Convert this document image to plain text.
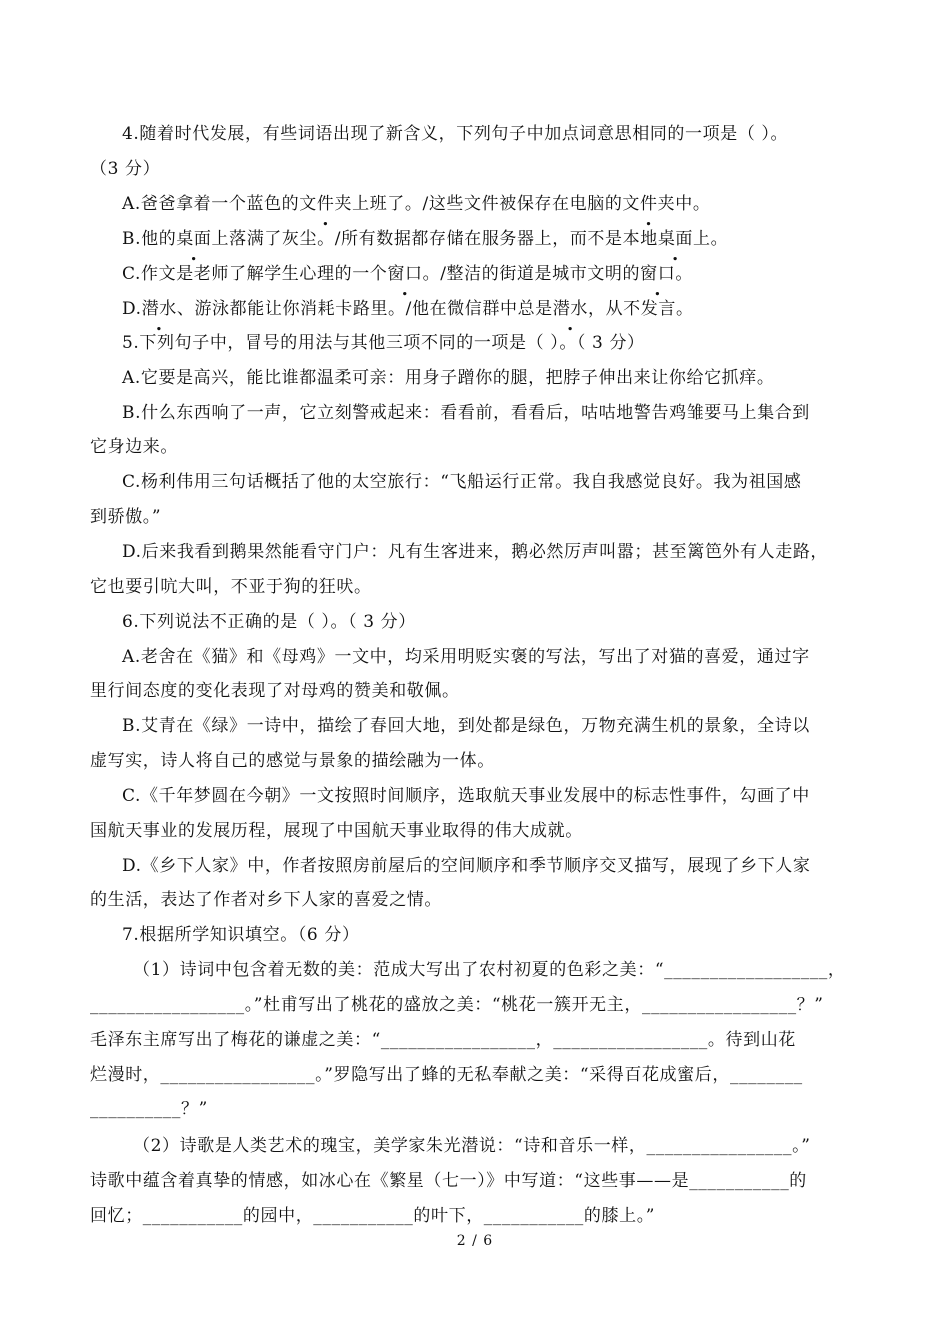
4.随着时代发展，有些词语出现了新含义，下列句子中加点词意思相同的一项是（ ）。
（3 分）
A.爸爸拿着一个蓝色的文件夹上班了。/这些文件被保存在电脑的文件夹中。
B.他的桌面上落满了灰尘。/所有数据都存储在服务器上，而不是本地桌面上。
C.作文是老师了解学生心理的一个窗口。/整洁的街道是城市文明的窗口。
D.潜水、游泳都能让你消耗卡路里。/他在微信群中总是潜水，从不发言。
5.下列句子中，冒号的用法与其他三项不同的一项是（ ）。（ 3 分）
A.它要是高兴，能比谁都温柔可亲：用身子蹭你的腿，把脖子伸出来让你给它抓痒。
B.什么东西响了一声，它立刻警戒起来：看看前，看看后，咕咕地警告鸡雏要马上集合到
它身边来。
C.杨利伟用三句话概括了他的太空旅行：“飞船运行正常。我自我感觉良好。我为祖国感
到骄傲。”
D.后来我看到鹅果然能看守门户：凡有生客进来，鹅必然厉声叫嚣；甚至篱笆外有人走路，
它也要引吭大叫，不亚于狗的狂吠。
6.下列说法不正确的是（ ）。（ 3 分）
A.老舍在《猫》和《母鸡》一文中，均采用明贬实褒的写法，写出了对猫的喜爱，通过字
里行间态度的变化表现了对母鸡的赞美和敬佩。
B.艾青在《绿》一诗中，描绘了春回大地，到处都是绿色，万物充满生机的景象，全诗以
虚写实，诗人将自己的感觉与景象的描绘融为一体。
C.《千年梦圆在今朝》一文按照时间顺序，选取航天事业发展中的标志性事件，勾画了中
国航天事业的发展历程，展现了中国航天事业取得的伟大成就。
D.《乡下人家》中，作者按照房前屋后的空间顺序和季节顺序交叉描写，展现了乡下人家
的生活，表达了作者对乡下人家的喜爱之情。
7.根据所学知识填空。（6 分）
（1）诗词中包含着无数的美：范成大写出了农村初夏的色彩之美：“__________________，
_________________。”杜甫写出了桃花的盛放之美：“桃花一簇开无主，_________________？”
毛泽东主席写出了梅花的谦虚之美：“_________________，_________________。待到山花
烂漫时，_________________。”罗隐写出了蜂的无私奉献之美：“采得百花成蜜后，________
__________？”
（2）诗歌是人类艺术的瑰宝，美学家朱光潜说：“诗和音乐一样，________________。”
诗歌中蕴含着真挚的情感，如冰心在《繁星（七一）》中写道：“这些事——是___________的
回忆；___________的园中，___________的叶下，___________的膝上。”
2 / 6
